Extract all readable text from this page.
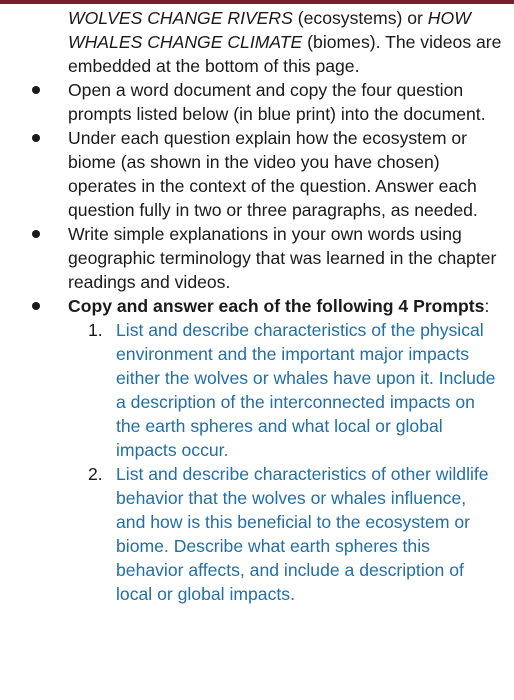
WOLVES CHANGE RIVERS (ecosystems) or HOW WHALES CHANGE CLIMATE (biomes). The videos are embedded at the bottom of this page.
Open a word document and copy the four question prompts listed below (in blue print) into the document.
Under each question explain how the ecosystem or biome (as shown in the video you have chosen) operates in the context of the question. Answer each question fully in two or three paragraphs, as needed.
Write simple explanations in your own words using geographic terminology that was learned in the chapter readings and videos.
Copy and answer each of the following 4 Prompts:
1. List and describe characteristics of the physical environment and the important major impacts either the wolves or whales have upon it. Include a description of the interconnected impacts on the earth spheres and what local or global impacts occur.
2. List and describe characteristics of other wildlife behavior that the wolves or whales influence, and how is this beneficial to the ecosystem or biome. Describe what earth spheres this behavior affects, and include a description of local or global impacts.
